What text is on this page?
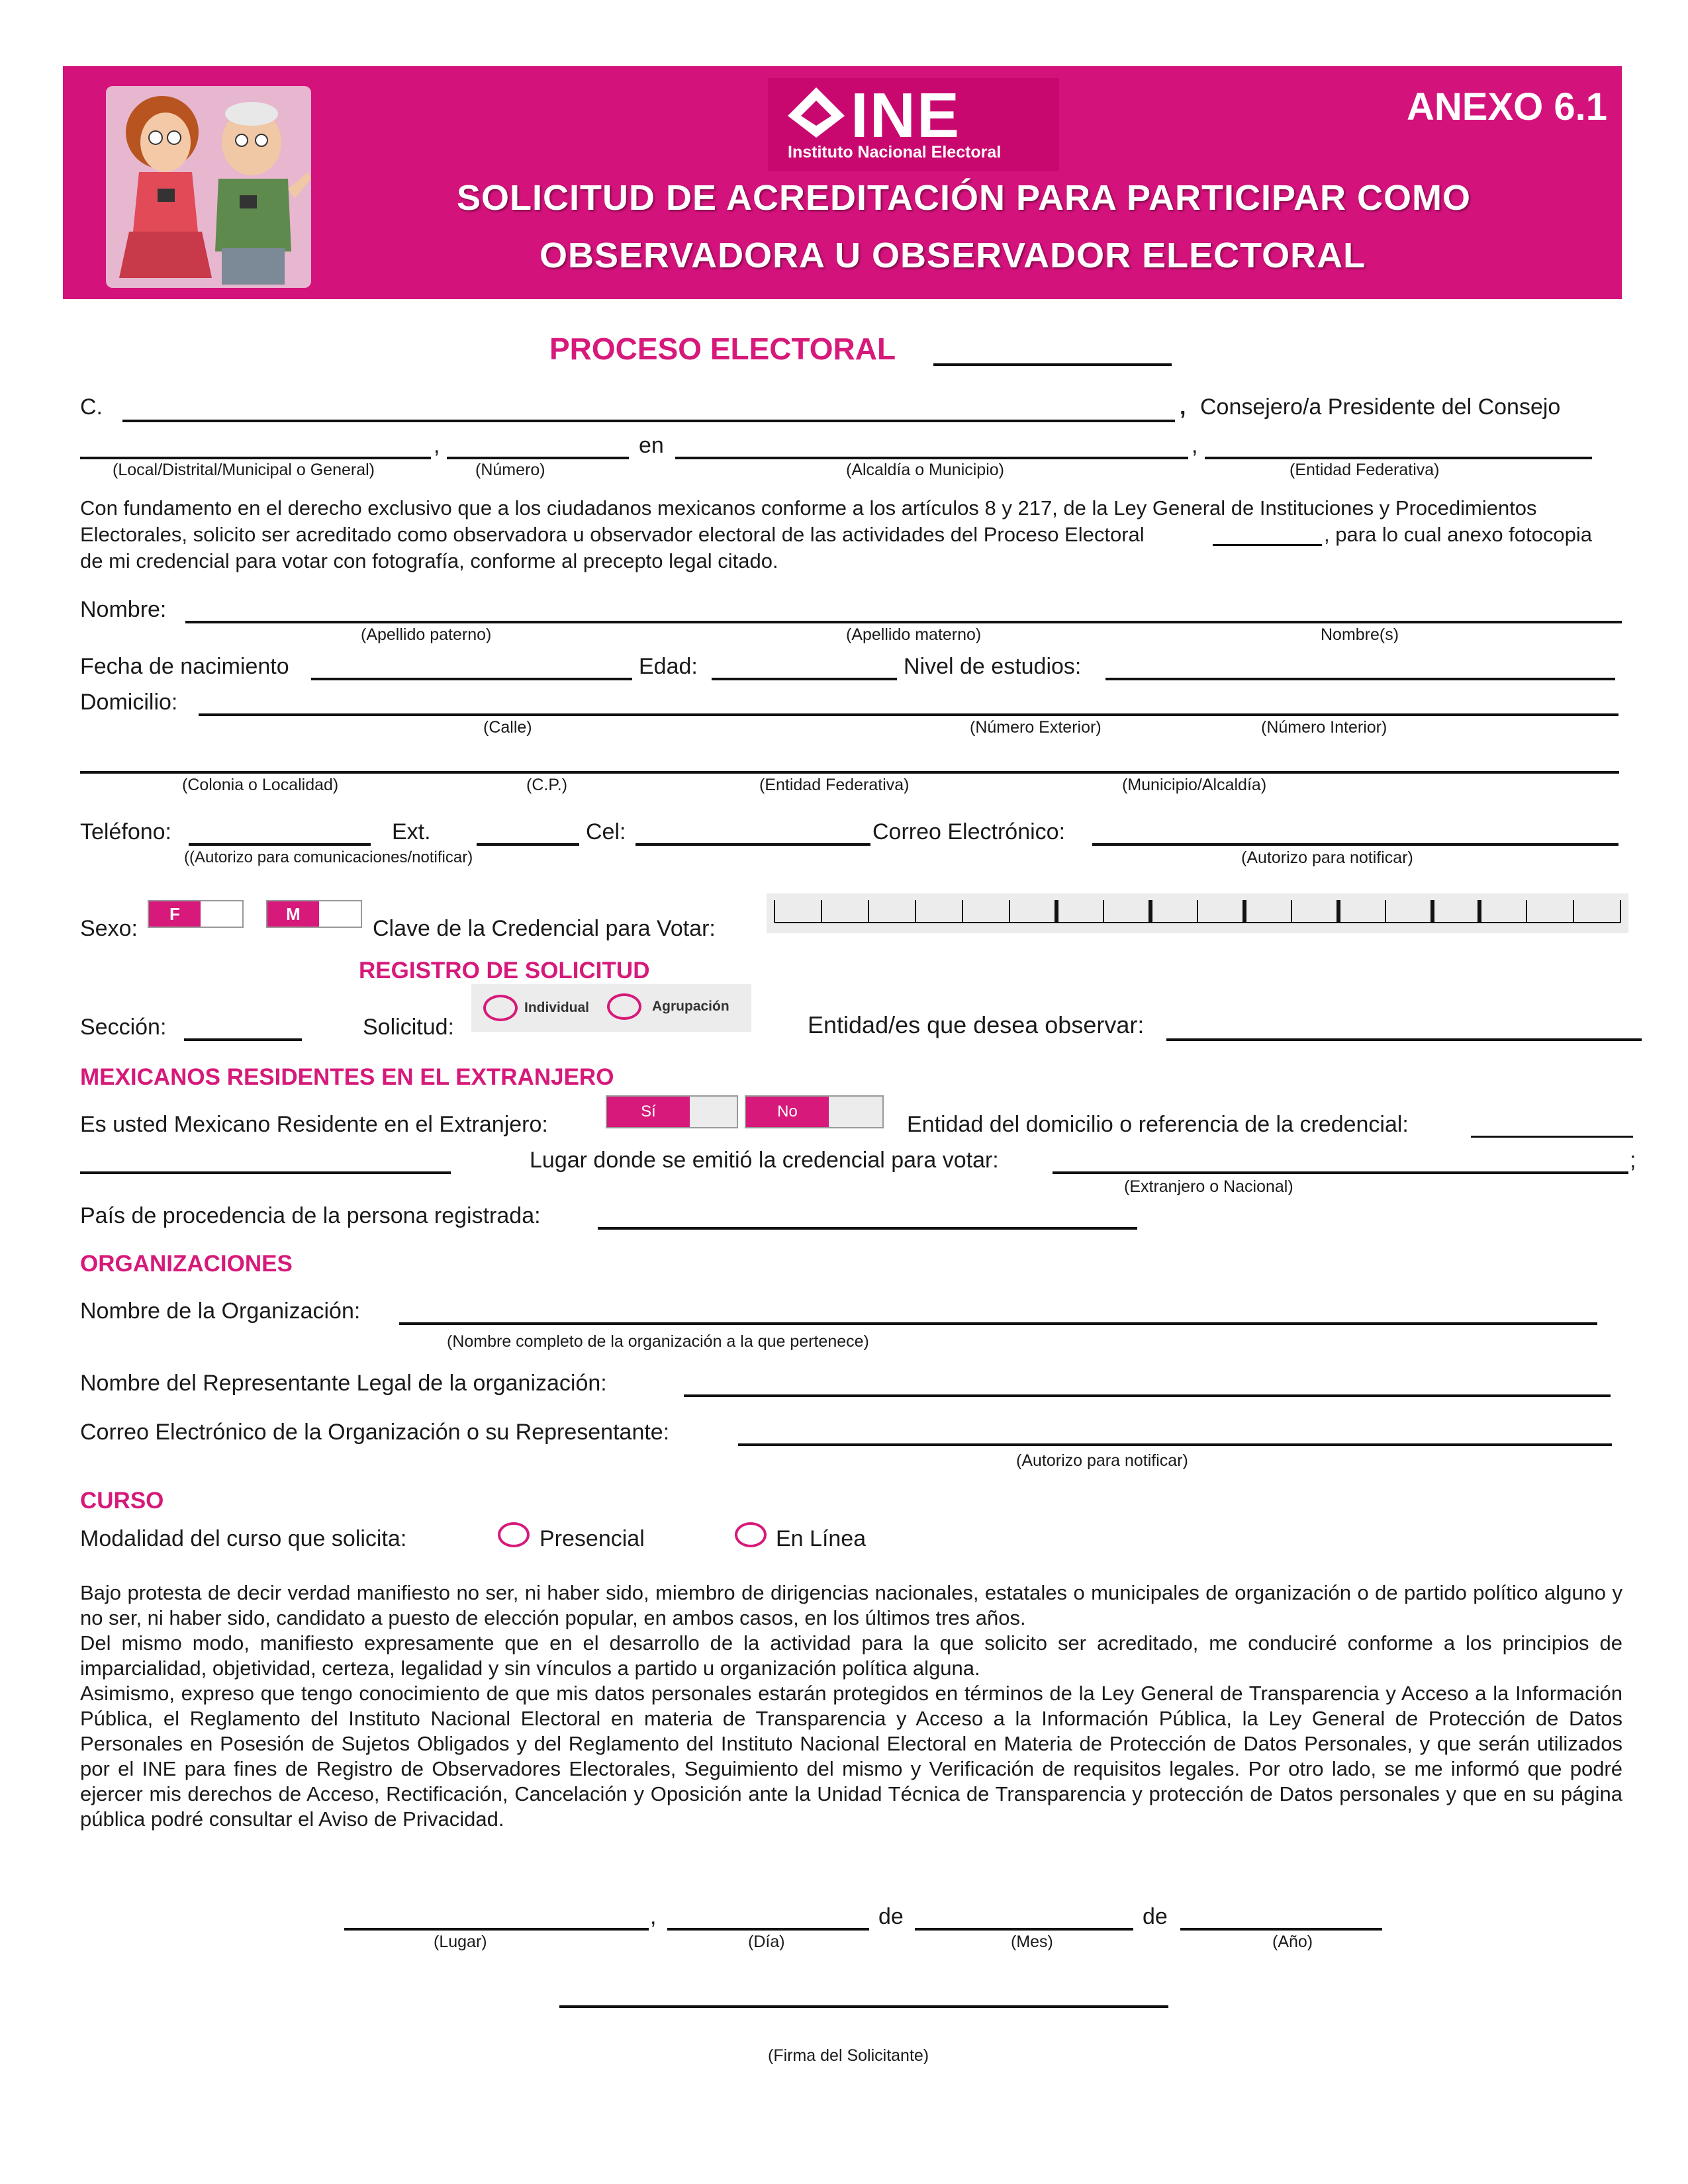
INE
Instituto Nacional Electoral
ANEXO 6.1
SOLICITUD DE ACREDITACIÓN PARA PARTICIPAR COMO
OBSERVADORA U OBSERVADOR ELECTORAL
PROCESO ELECTORAL
C.	, Consejero/a Presidente del Consejo
,	en	,
(Local/Distrital/Municipal o General)	(Número)	(Alcaldía o Municipio)	(Entidad Federativa)
Con fundamento en el derecho exclusivo que a los ciudadanos mexicanos conforme a los artículos 8 y 217, de la Ley General de Instituciones y Procedimientos
Electorales, solicito ser acreditado como observadora u observador electoral de las actividades del Proceso Electoral	, para lo cual anexo fotocopia
de mi credencial para votar con fotografía, conforme al precepto legal citado.
Nombre:
(Apellido paterno)	(Apellido materno)	Nombre(s)
Fecha de nacimiento	Edad:	Nivel de estudios:
Domicilio:
(Calle)	(Número Exterior)	(Número Interior)
(Colonia o Localidad)	(C.P.)	(Entidad Federativa)	(Municipio/Alcaldía)
Teléfono:	Ext.	Cel:	Correo Electrónico:
((Autorizo para comunicaciones/notificar)	(Autorizo para notificar)
Sexo:
F	M
Clave de la Credencial para Votar:
REGISTRO DE SOLICITUD
Sección:	Solicitud:
Individual	Agrupación
Entidad/es que desea observar:
MEXICANOS RESIDENTES EN EL EXTRANJERO
Es usted Mexicano Residente en el Extranjero:
Sí	No
Entidad del domicilio o referencia de la credencial:
Lugar donde se emitió la credencial para votar:	;
(Extranjero o Nacional)
País de procedencia de la persona registrada:
ORGANIZACIONES
Nombre de la Organización:
(Nombre completo de la organización a la que pertenece)
Nombre del Representante Legal de la organización:
Correo Electrónico de la Organización o su Representante:
(Autorizo para notificar)
CURSO
Modalidad del curso que solicita:	Presencial	En Línea
Bajo protesta de decir verdad manifiesto no ser, ni haber sido, miembro de dirigencias nacionales, estatales o municipales de organización o de partido político alguno y no ser, ni haber sido, candidato a puesto de elección popular, en ambos casos, en los últimos tres años.
Del mismo modo, manifiesto expresamente que en el desarrollo de la actividad para la que solicito ser acreditado, me conduciré conforme a los principios de imparcialidad, objetividad, certeza, legalidad y sin vínculos a partido u organización política alguna.
Asimismo, expreso que tengo conocimiento de que mis datos personales estarán protegidos en términos de la Ley General de Transparencia y Acceso a la Información Pública, el Reglamento del Instituto Nacional Electoral en materia de Transparencia y Acceso a la Información Pública, la Ley General de Protección de Datos Personales en Posesión de Sujetos Obligados y del Reglamento del Instituto Nacional Electoral en Materia de Protección de Datos Personales, y que serán utilizados por el INE para fines de Registro de Observadores Electorales, Seguimiento del mismo y Verificación de requisitos legales. Por otro lado, se me informó que podré ejercer mis derechos de Acceso, Rectificación, Cancelación y Oposición ante la Unidad Técnica de Transparencia y protección de Datos personales y que en su página pública podré consultar el Aviso de Privacidad.
,	de	de
(Lugar)	(Día)	(Mes)	(Año)
(Firma del Solicitante)
